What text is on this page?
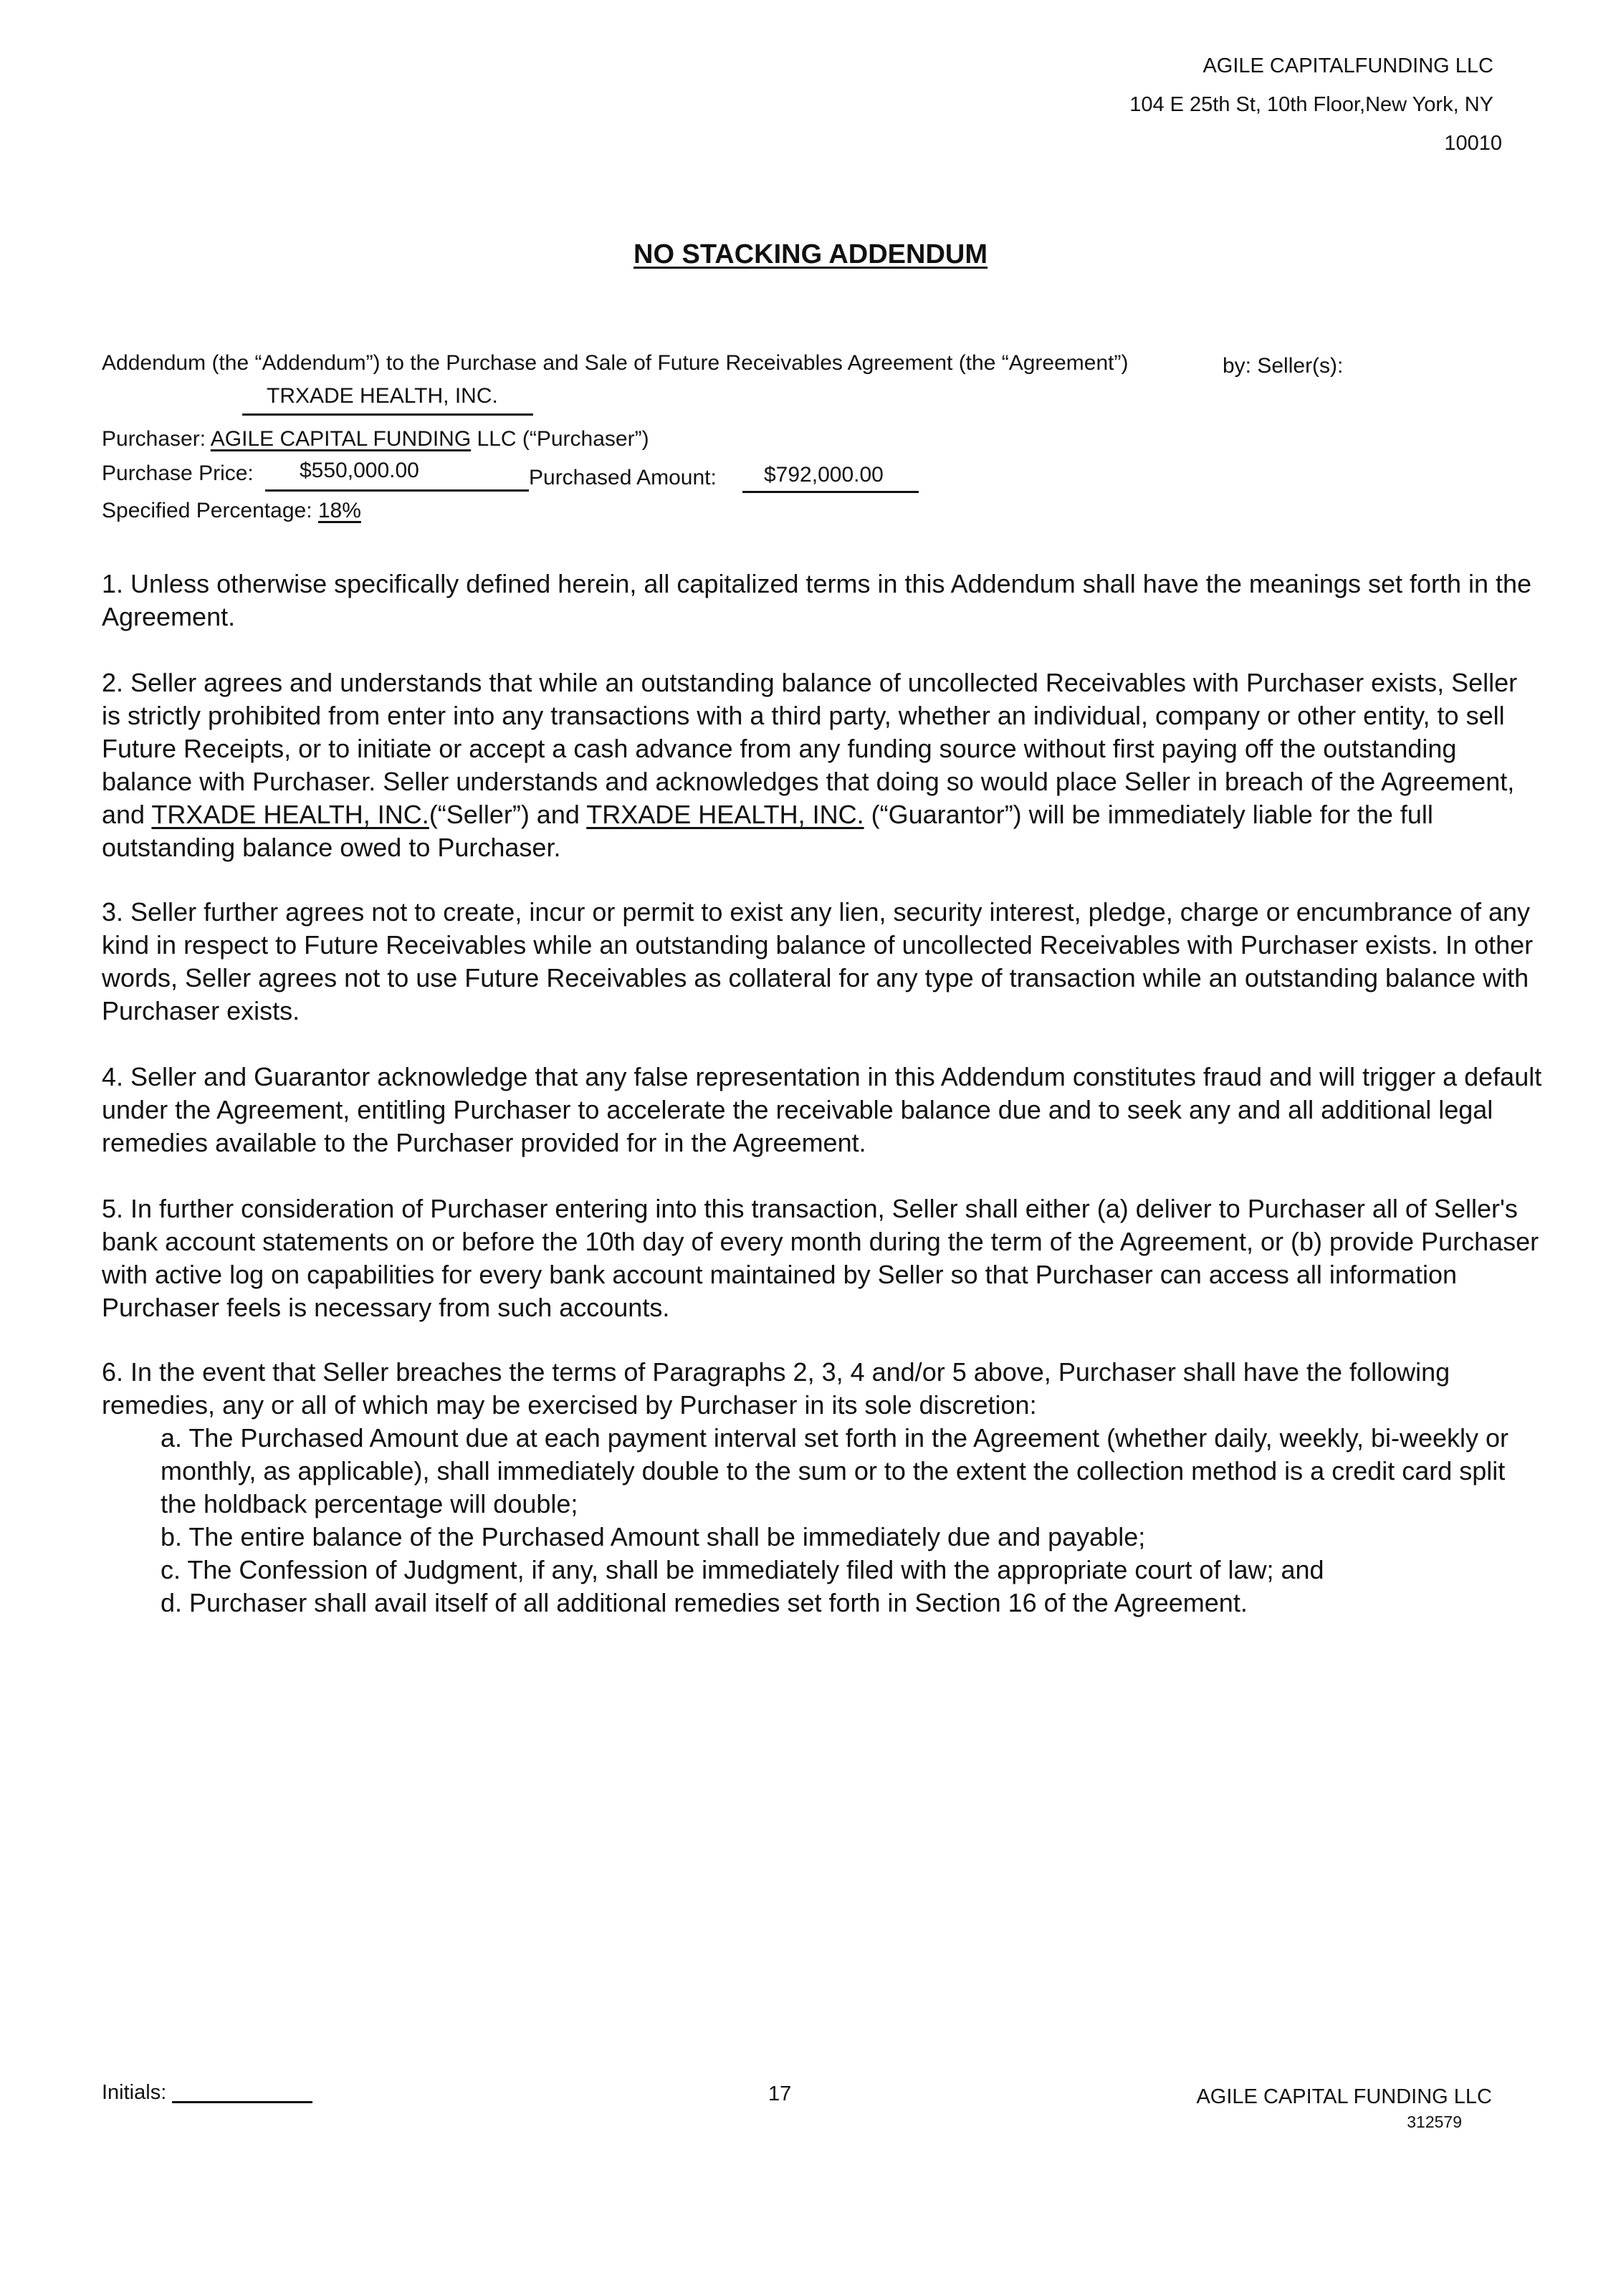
AGILE CAPITALFUNDING LLC
104 E 25th St, 10th Floor,New York, NY
10010
NO STACKING ADDENDUM
Addendum (the “Addendum”) to the Purchase and Sale of Future Receivables Agreement (the “Agreement”)	by: Seller(s):
TRXADE HEALTH, INC.
Purchaser: AGILE CAPITAL FUNDING LLC (“Purchaser”)
Purchase Price:	$550,000.00	Purchased Amount:	$792,000.00
Specified Percentage: 18%

1. Unless otherwise specifically defined herein, all capitalized terms in this Addendum shall have the meanings set forth in the Agreement.

2. Seller agrees and understands that while an outstanding balance of uncollected Receivables with Purchaser exists, Seller is strictly prohibited from enter into any transactions with a third party, whether an individual, company or other entity, to sell Future Receipts, or to initiate or accept a cash advance from any funding source without first paying off the outstanding balance with Purchaser. Seller understands and acknowledges that doing so would place Seller in breach of the Agreement, and TRXADE HEALTH, INC.(“Seller”) and TRXADE HEALTH, INC. (“Guarantor”) will be immediately liable for the full outstanding balance owed to Purchaser.

3. Seller further agrees not to create, incur or permit to exist any lien, security interest, pledge, charge or encumbrance of any kind in respect to Future Receivables while an outstanding balance of uncollected Receivables with Purchaser exists. In other words, Seller agrees not to use Future Receivables as collateral for any type of transaction while an outstanding balance with Purchaser exists.

4. Seller and Guarantor acknowledge that any false representation in this Addendum constitutes fraud and will trigger a default under the Agreement, entitling Purchaser to accelerate the receivable balance due and to seek any and all additional legal remedies available to the Purchaser provided for in the Agreement.

5. In further consideration of Purchaser entering into this transaction, Seller shall either (a) deliver to Purchaser all of Seller's bank account statements on or before the 10th day of every month during the term of the Agreement, or (b) provide Purchaser with active log on capabilities for every bank account maintained by Seller so that Purchaser can access all information Purchaser feels is necessary from such accounts.

6. In the event that Seller breaches the terms of Paragraphs 2, 3, 4 and/or 5 above, Purchaser shall have the following remedies, any or all of which may be exercised by Purchaser in its sole discretion:

a. The Purchased Amount due at each payment interval set forth in the Agreement (whether daily, weekly, bi-weekly or monthly, as applicable), shall immediately double to the sum or to the extent the collection method is a credit card split the holdback percentage will double;

b. The entire balance of the Purchased Amount shall be immediately due and payable;

c. The Confession of Judgment, if any, shall be immediately filed with the appropriate court of law; and

d. Purchaser shall avail itself of all additional remedies set forth in Section 16 of the Agreement.

Initials:	17	AGILE CAPITAL FUNDING LLC
312579
